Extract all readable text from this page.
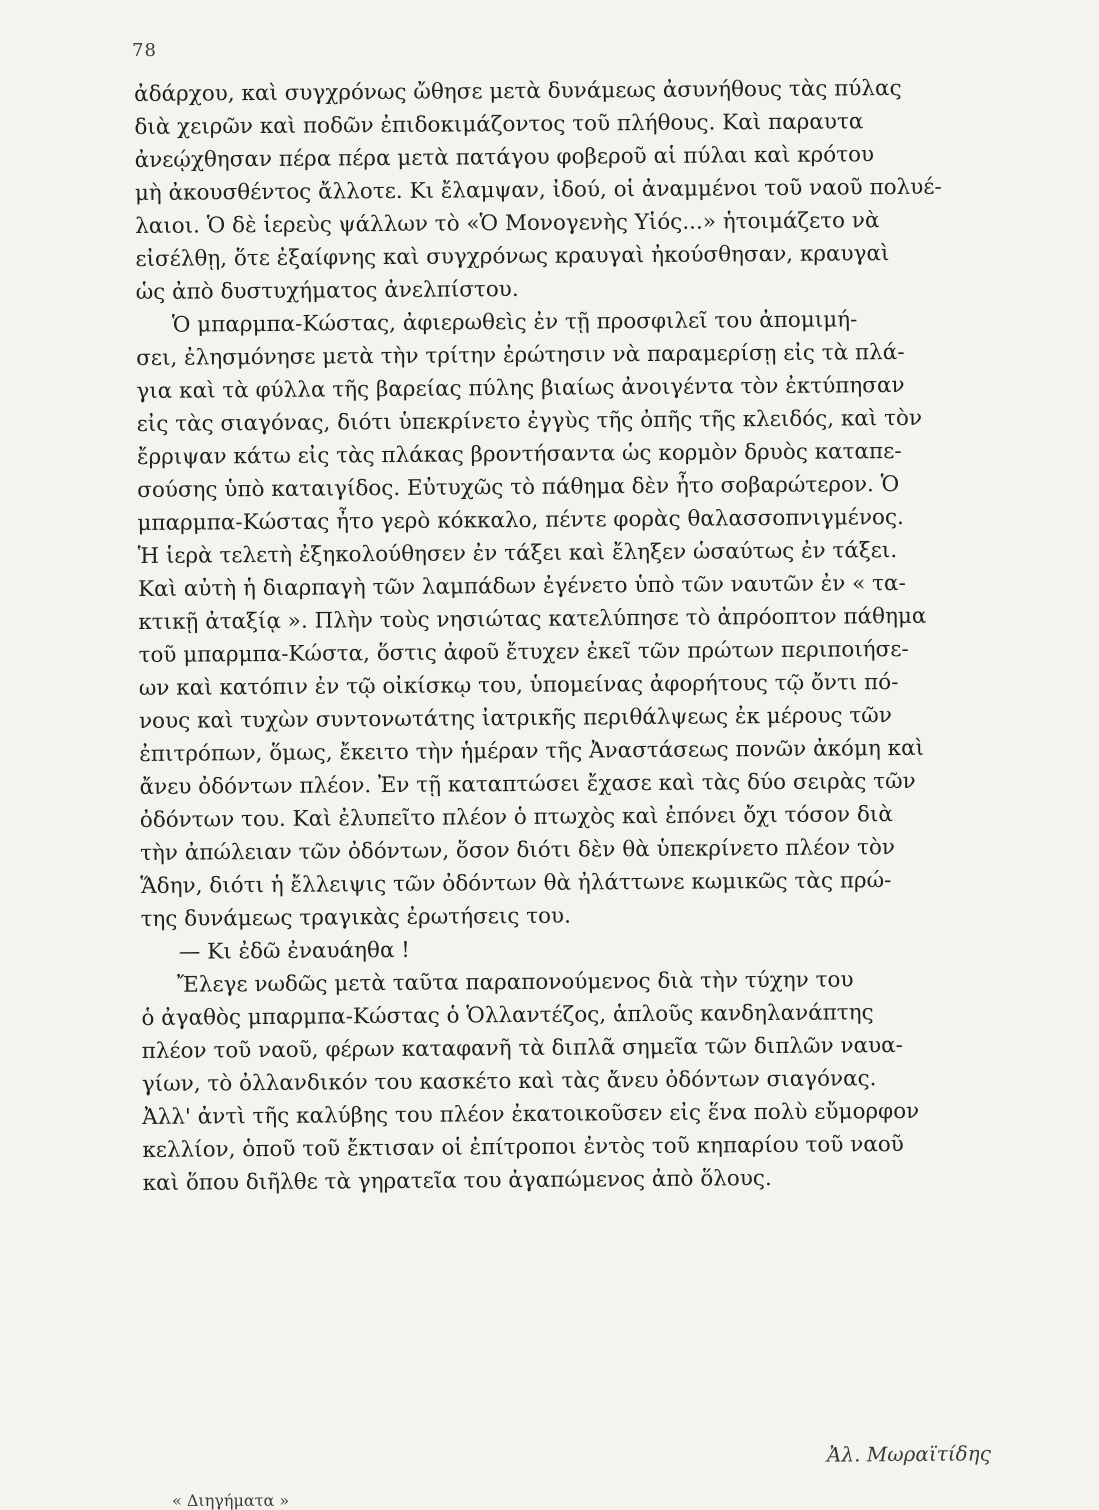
78
ἀδάρχου, καὶ συγχρόνως ὤθησε μετὰ δυνάμεως ἀσυνήθους τὰς πύλας
διὰ χειρῶν καὶ ποδῶν ἐπιδοκιμάζοντος τοῦ πλήθους. Καὶ παραυτα
ἀνεῴχθησαν πέρα πέρα μετὰ πατάγου φοβεροῦ αἱ πύλαι καὶ κρότου
μὴ ἀκουσθέντος ἄλλοτε. Κι ἔλαμψαν, ἰδού, οἱ ἀναμμένοι τοῦ ναοῦ πολυέ-
λαιοι. Ὁ δὲ ἱερεὺς ψάλλων τὸ «Ὁ Μονογενὴς Υἱός...» ἡτοιμάζετο νὰ
εἰσέλθῃ, ὅτε ἐξαίφνης καὶ συγχρόνως κραυγαὶ ἠκούσθησαν, κραυγαὶ
ὡς ἀπὸ δυστυχήματος ἀνελπίστου.
Ὁ μπαρμπα-Κώστας, ἀφιερωθεὶς ἐν τῇ προσφιλεῖ του ἀπομιμή-
σει, ἐλησμόνησε μετὰ τὴν τρίτην ἐρώτησιν νὰ παραμερίσῃ εἰς τὰ πλά-
για καὶ τὰ φύλλα τῆς βαρείας πύλης βιαίως ἀνοιγέντα τὸν ἐκτύπησαν
εἰς τὰς σιαγόνας, διότι ὑπεκρίνετο ἐγγὺς τῆς ὀπῆς τῆς κλειδός, καὶ τὸν
ἔρριψαν κάτω εἰς τὰς πλάκας βροντήσαντα ὡς κορμὸν δρυὸς καταπε-
σούσης ὑπὸ καταιγίδος. Εὐτυχῶς τὸ πάθημα δὲν ἦτο σοβαρώτερον. Ὁ
μπαρμπα-Κώστας ἦτο γερὸ κόκκαλο, πέντε φορὰς θαλασσοπνιγμένος.
Ἡ ἱερὰ τελετὴ ἐξηκολούθησεν ἐν τάξει καὶ ἔληξεν ὡσαύτως ἐν τάξει.
Καὶ αὐτὴ ἡ διαρπαγὴ τῶν λαμπάδων ἐγένετο ὑπὸ τῶν ναυτῶν ἐν « τα-
κτικῇ ἀταξίᾳ ». Πλὴν τοὺς νησιώτας κατελύπησε τὸ ἀπρόοπτον πάθημα
τοῦ μπαρμπα-Κώστα, ὅστις ἀφοῦ ἔτυχεν ἐκεῖ τῶν πρώτων περιποιήσε-
ων καὶ κατόπιν ἐν τῷ οἰκίσκῳ του, ὑπομείνας ἀφορήτους τῷ ὄντι πό-
νους καὶ τυχὼν συντονωτάτης ἰατρικῆς περιθάλψεως ἐκ μέρους τῶν
ἐπιτρόπων, ὅμως, ἔκειτο τὴν ἡμέραν τῆς Ἀναστάσεως πονῶν ἀκόμη καὶ
ἄνευ ὀδόντων πλέον. Ἐν τῇ καταπτώσει ἔχασε καὶ τὰς δύο σειρὰς τῶν
ὀδόντων του. Καὶ ἐλυπεῖτο πλέον ὁ πτωχὸς καὶ ἐπόνει ὄχι τόσον διὰ
τὴν ἀπώλειαν τῶν ὀδόντων, ὅσον διότι δὲν θὰ ὑπεκρίνετο πλέον τὸν
Ἅδην, διότι ἡ ἔλλειψις τῶν ὀδόντων θὰ ἠλάττωνε κωμικῶς τὰς πρώ-
της δυνάμεως τραγικὰς ἐρωτήσεις του.
— Κι ἐδῶ ἐναυάηθα !
Ἔλεγε νωδῶς μετὰ ταῦτα παραπονούμενος διὰ τὴν τύχην του
ὁ ἀγαθὸς μπαρμπα-Κώστας ὁ Ὁλλαντέζος, ἁπλοῦς κανδηλανάπτης
πλέον τοῦ ναοῦ, φέρων καταφανῆ τὰ διπλᾶ σημεῖα τῶν διπλῶν ναυα-
γίων, τὸ ὀλλανδικόν του κασκέτο καὶ τὰς ἄνευ ὀδόντων σιαγόνας.
Ἀλλ' ἀντὶ τῆς καλύβης του πλέον ἐκατοικοῦσεν εἰς ἕνα πολὺ εὔμορφον
κελλίον, ὁποῦ τοῦ ἔκτισαν οἱ ἐπίτροποι ἐντὸς τοῦ κηπαρίου τοῦ ναοῦ
καὶ ὅπου διῆλθε τὰ γηρατεῖα του ἀγαπώμενος ἀπὸ ὅλους.
Ἀλ. Μωραϊτίδης
« Διηγήματα »
